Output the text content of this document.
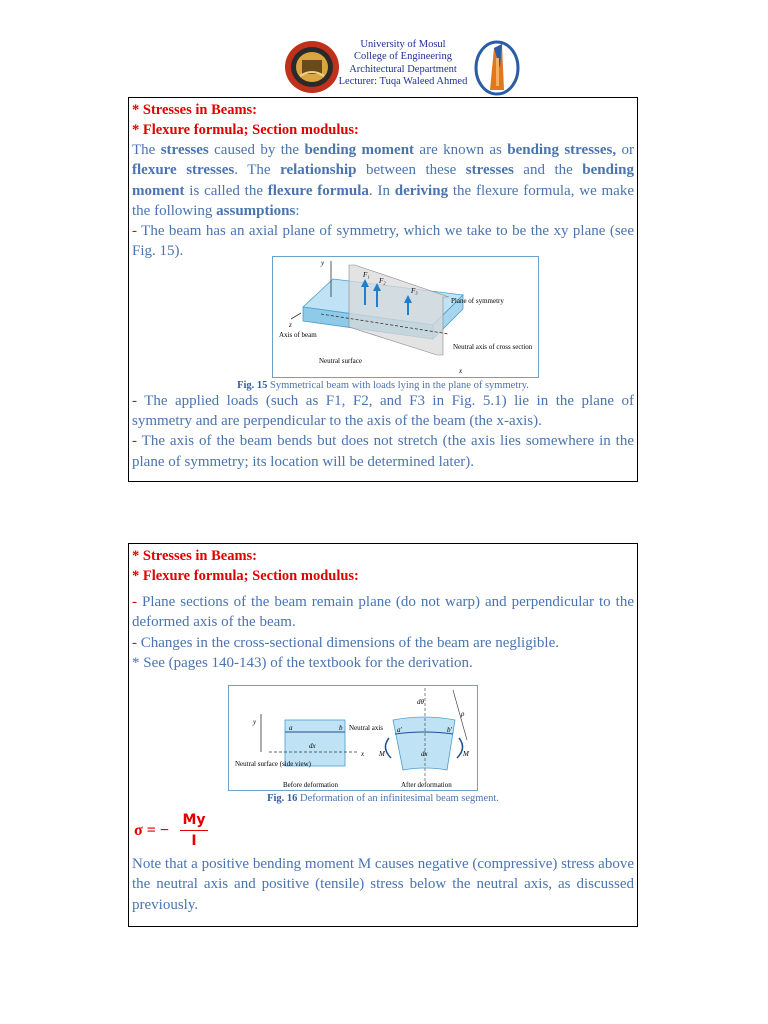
University of Mosul
College of Engineering
Architectural Department
Lecturer: Tuqa Waleed Ahmed
* Stresses in Beams:
* Flexure formula; Section modulus:

The stresses caused by the bending moment are known as bending stresses, or flexure stresses. The relationship between these stresses and the bending moment is called the flexure formula. In deriving the flexure formula, we make the following assumptions:

- The beam has an axial plane of symmetry, which we take to be the xy plane (see Fig. 15).

y
z
x
F₁
F₂
F₃
Plane of symmetry
Axis of beam
Neutral surface
Neutral axis of cross section
Fig. 15 Symmetrical beam with loads lying in the plane of symmetry.

- The applied loads (such as F1, F2, and F3 in Fig. 5.1) lie in the plane of symmetry and are perpendicular to the axis of the beam (the x-axis).

- The axis of the beam bends but does not stretch (the axis lies somewhere in the plane of symmetry; its location will be determined later).

* Stresses in Beams:
* Flexure formula; Section modulus:

- Plane sections of the beam remain plane (do not warp) and perpendicular to the deformed axis of the beam.

- Changes in the cross-sectional dimensions of the beam are negligible.

* See (pages 140-143) of the textbook for the derivation.

y
a	b
dx
x
Neutral axis
Neutral surface (side view)
Before deformation
dθ
ρ
a'	b'
dx
M	M
After deformation
Fig. 16 Deformation of an infinitesimal beam segment.
σ = − $\frac{My}{I}$

Note that a positive bending moment M causes negative (compressive) stress above the neutral axis and positive (tensile) stress below the neutral axis, as discussed previously.
